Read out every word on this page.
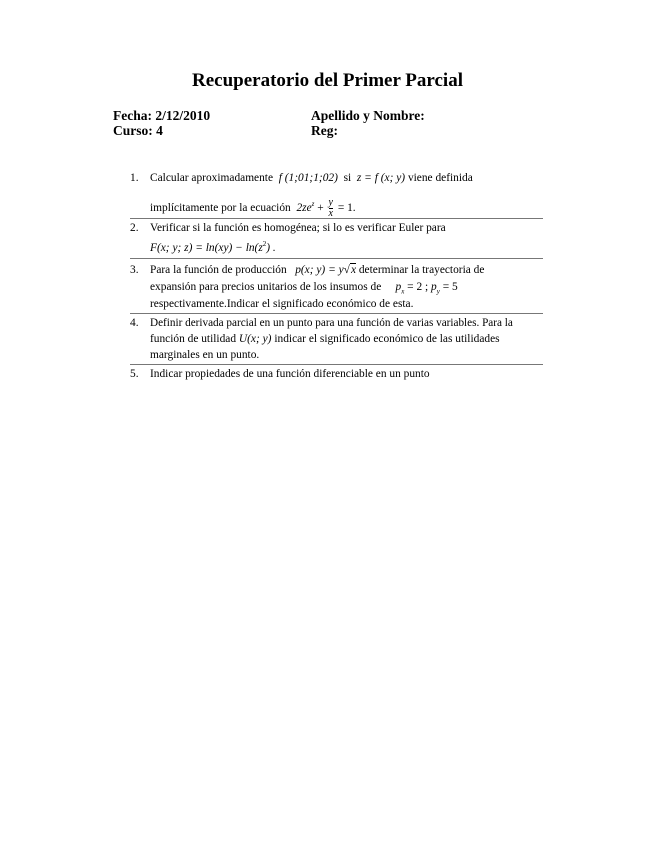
Recuperatorio del Primer Parcial
Fecha: 2/12/2010
Curso: 4
Apellido y Nombre:
Reg:
1. Calcular aproximadamente f (1;01;1;02) si z = f (x; y) viene definida
implícitamente por la ecuación $2ze^z + \frac{y}{x} = 1$.
2. Verificar si la función es homogénea; si lo es verificar Euler para
F(x; y; $z) = \ln(xy) - \ln(z^2)$ .
3. Para la función de producción p(x; y) = y√x determinar la trayectoria de
expansión para precios unitarios de los insumos de $p_x = 2$ ; $p_y = 5$
respectivamente.Indicar el significado económico de esta.
4. Definir derivada parcial en un punto para una función de varias variables. Para la
función de utilidad U(x; y) indicar el significado económico de las utilidades
marginales en un punto.
5. Indicar propiedades de una función diferenciable en un punto
